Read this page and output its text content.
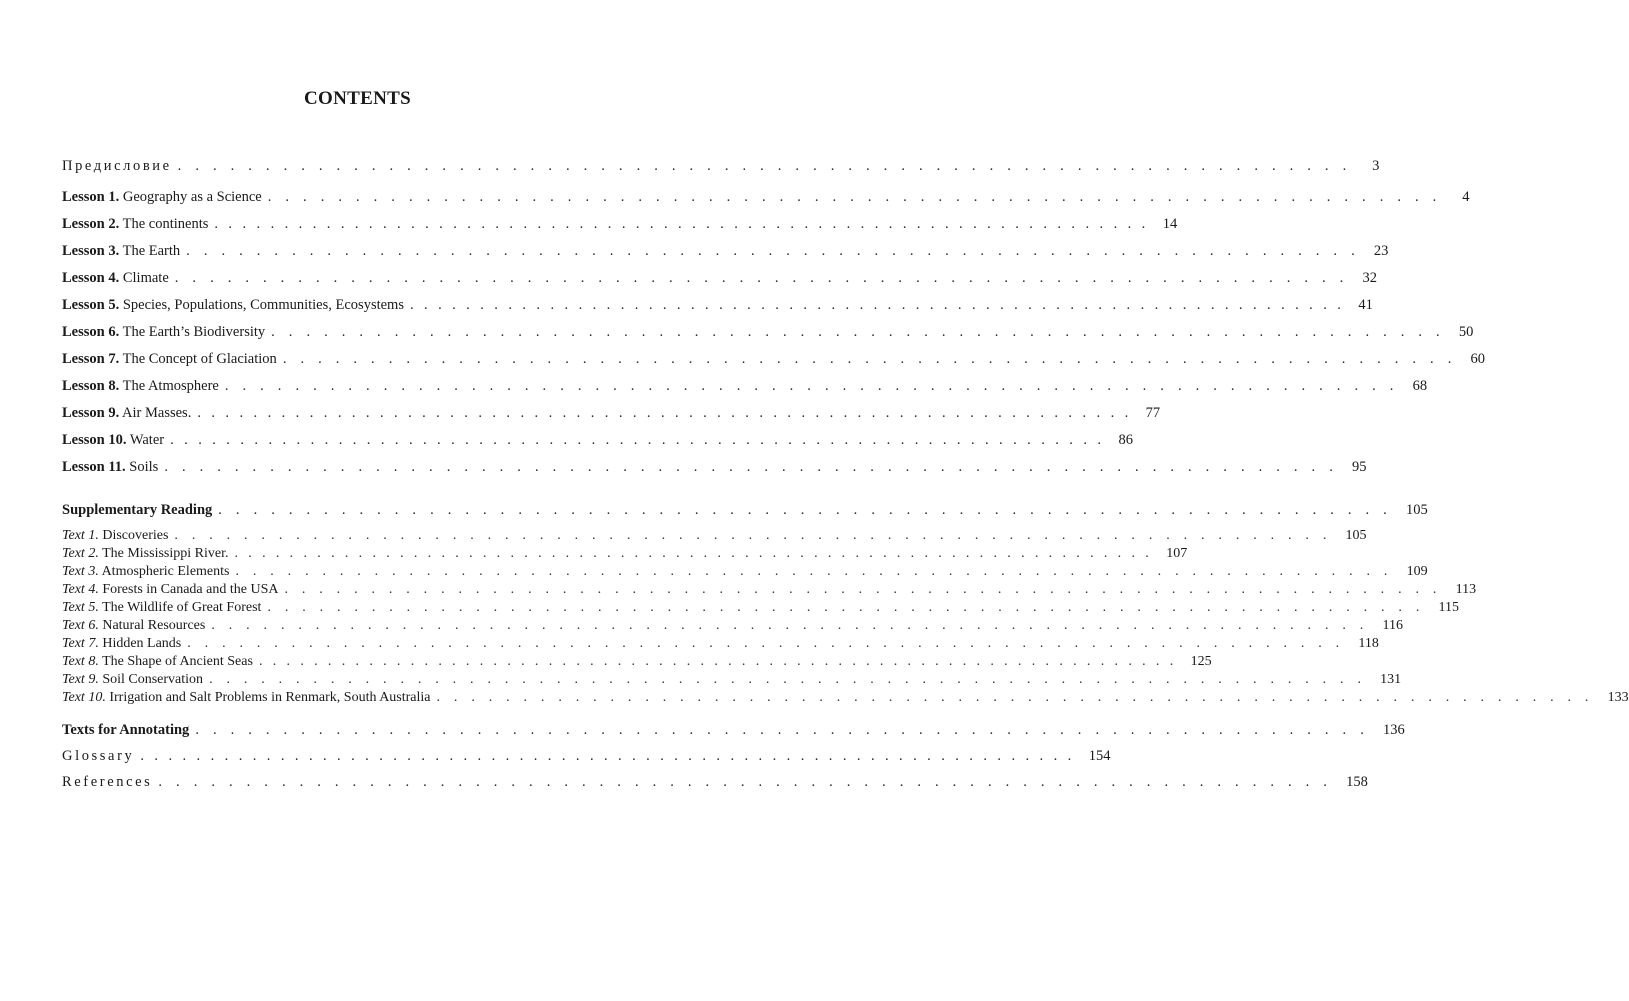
CONTENTS
Предисловие . . . . . . . . . . . . . . . . . . . . . . . . . . . . . . . . . . . . . . . . . . . . . . . . . . . . . . . . . . . . . . . . . . .	3
Lesson 1. Geography as a Science . . . . . . . . . . . . . . . . . . . . . . . . . . . . . . . . . . . . . . . . . . . . . . . . . . . . . . . . . . . . . . . . . . .	4
Lesson 2. The continents . . . . . . . . . . . . . . . . . . . . . . . . . . . . . . . . . . . . . . . . . . . . . . . . . . . . . . . . . . . . . . . . . . . 14
Lesson 3. The Earth . . . . . . . . . . . . . . . . . . . . . . . . . . . . . . . . . . . . . . . . . . . . . . . . . . . . . . . . . . . . . . . . . . . 23
Lesson 4. Climate . . . . . . . . . . . . . . . . . . . . . . . . . . . . . . . . . . . . . . . . . . . . . . . . . . . . . . . . . . . . . . . . . . . 32
Lesson 5. Species, Populations, Communities, Ecosystems . . . . . . . . . . . . . . . . . . . . . . . . . . . . . . . . . . . . . . . . . . . . . . . . . . . . . . . . . . . . . . . . . . . 41
Lesson 6. The Earth’s Biodiversity . . . . . . . . . . . . . . . . . . . . . . . . . . . . . . . . . . . . . . . . . . . . . . . . . . . . . . . . . . . . . . . . . . . 50
Lesson 7. The Concept of Glaciation . . . . . . . . . . . . . . . . . . . . . . . . . . . . . . . . . . . . . . . . . . . . . . . . . . . . . . . . . . . . . . . . . . . 60
Lesson 8. The Atmosphere . . . . . . . . . . . . . . . . . . . . . . . . . . . . . . . . . . . . . . . . . . . . . . . . . . . . . . . . . . . . . . . . . . . 68
Lesson 9. Air Masses. . . . . . . . . . . . . . . . . . . . . . . . . . . . . . . . . . . . . . . . . . . . . . . . . . . . . . . . . . . . . . . . . . . . 77
Lesson 10. Water . . . . . . . . . . . . . . . . . . . . . . . . . . . . . . . . . . . . . . . . . . . . . . . . . . . . . . . . . . . . . . . . . . . 86
Lesson 11. Soils . . . . . . . . . . . . . . . . . . . . . . . . . . . . . . . . . . . . . . . . . . . . . . . . . . . . . . . . . . . . . . . . . . . 95
Supplementary Reading . . . . . . . . . . . . . . . . . . . . . . . . . . . . . . . . . . . . . . . . . . . . . . . . . . . . . . . . . . . . . . . . . . . 105
Text 1. Discoveries . . . . . . . . . . . . . . . . . . . . . . . . . . . . . . . . . . . . . . . . . . . . . . . . . . . . . . . . . . . . . . . . . . . 105
Text 2. The Mississippi River. . . . . . . . . . . . . . . . . . . . . . . . . . . . . . . . . . . . . . . . . . . . . . . . . . . . . . . . . . . . . . . . . . . . 107
Text 3. Atmospheric Elements . . . . . . . . . . . . . . . . . . . . . . . . . . . . . . . . . . . . . . . . . . . . . . . . . . . . . . . . . . . . . . . . . . . 109
Text 4. Forests in Canada and the USA . . . . . . . . . . . . . . . . . . . . . . . . . . . . . . . . . . . . . . . . . . . . . . . . . . . . . . . . . . . . . . . . . . . 113
Text 5. The Wildlife of Great Forest . . . . . . . . . . . . . . . . . . . . . . . . . . . . . . . . . . . . . . . . . . . . . . . . . . . . . . . . . . . . . . . . . . . 115
Text 6. Natural Resources . . . . . . . . . . . . . . . . . . . . . . . . . . . . . . . . . . . . . . . . . . . . . . . . . . . . . . . . . . . . . . . . . . . 116
Text 7. Hidden Lands . . . . . . . . . . . . . . . . . . . . . . . . . . . . . . . . . . . . . . . . . . . . . . . . . . . . . . . . . . . . . . . . . . . 118
Text 8. The Shape of Ancient Seas . . . . . . . . . . . . . . . . . . . . . . . . . . . . . . . . . . . . . . . . . . . . . . . . . . . . . . . . . . . . . . . . . . . 125
Text 9. Soil Conservation . . . . . . . . . . . . . . . . . . . . . . . . . . . . . . . . . . . . . . . . . . . . . . . . . . . . . . . . . . . . . . . . . . . 131
Text 10. Irrigation and Salt Problems in Renmark, South Australia . . . . . . . . . . . . . . . . . . . . . . . . . . . . . . . . . . . . . . . . . . . . . . . . . . . . . . . . . . . . . . . . . . . 133
Texts for Annotating . . . . . . . . . . . . . . . . . . . . . . . . . . . . . . . . . . . . . . . . . . . . . . . . . . . . . . . . . . . . . . . . . . . 136
Glossary . . . . . . . . . . . . . . . . . . . . . . . . . . . . . . . . . . . . . . . . . . . . . . . . . . . . . . . . . . . . . . . . . . . 154
References . . . . . . . . . . . . . . . . . . . . . . . . . . . . . . . . . . . . . . . . . . . . . . . . . . . . . . . . . . . . . . . . . . . 158
